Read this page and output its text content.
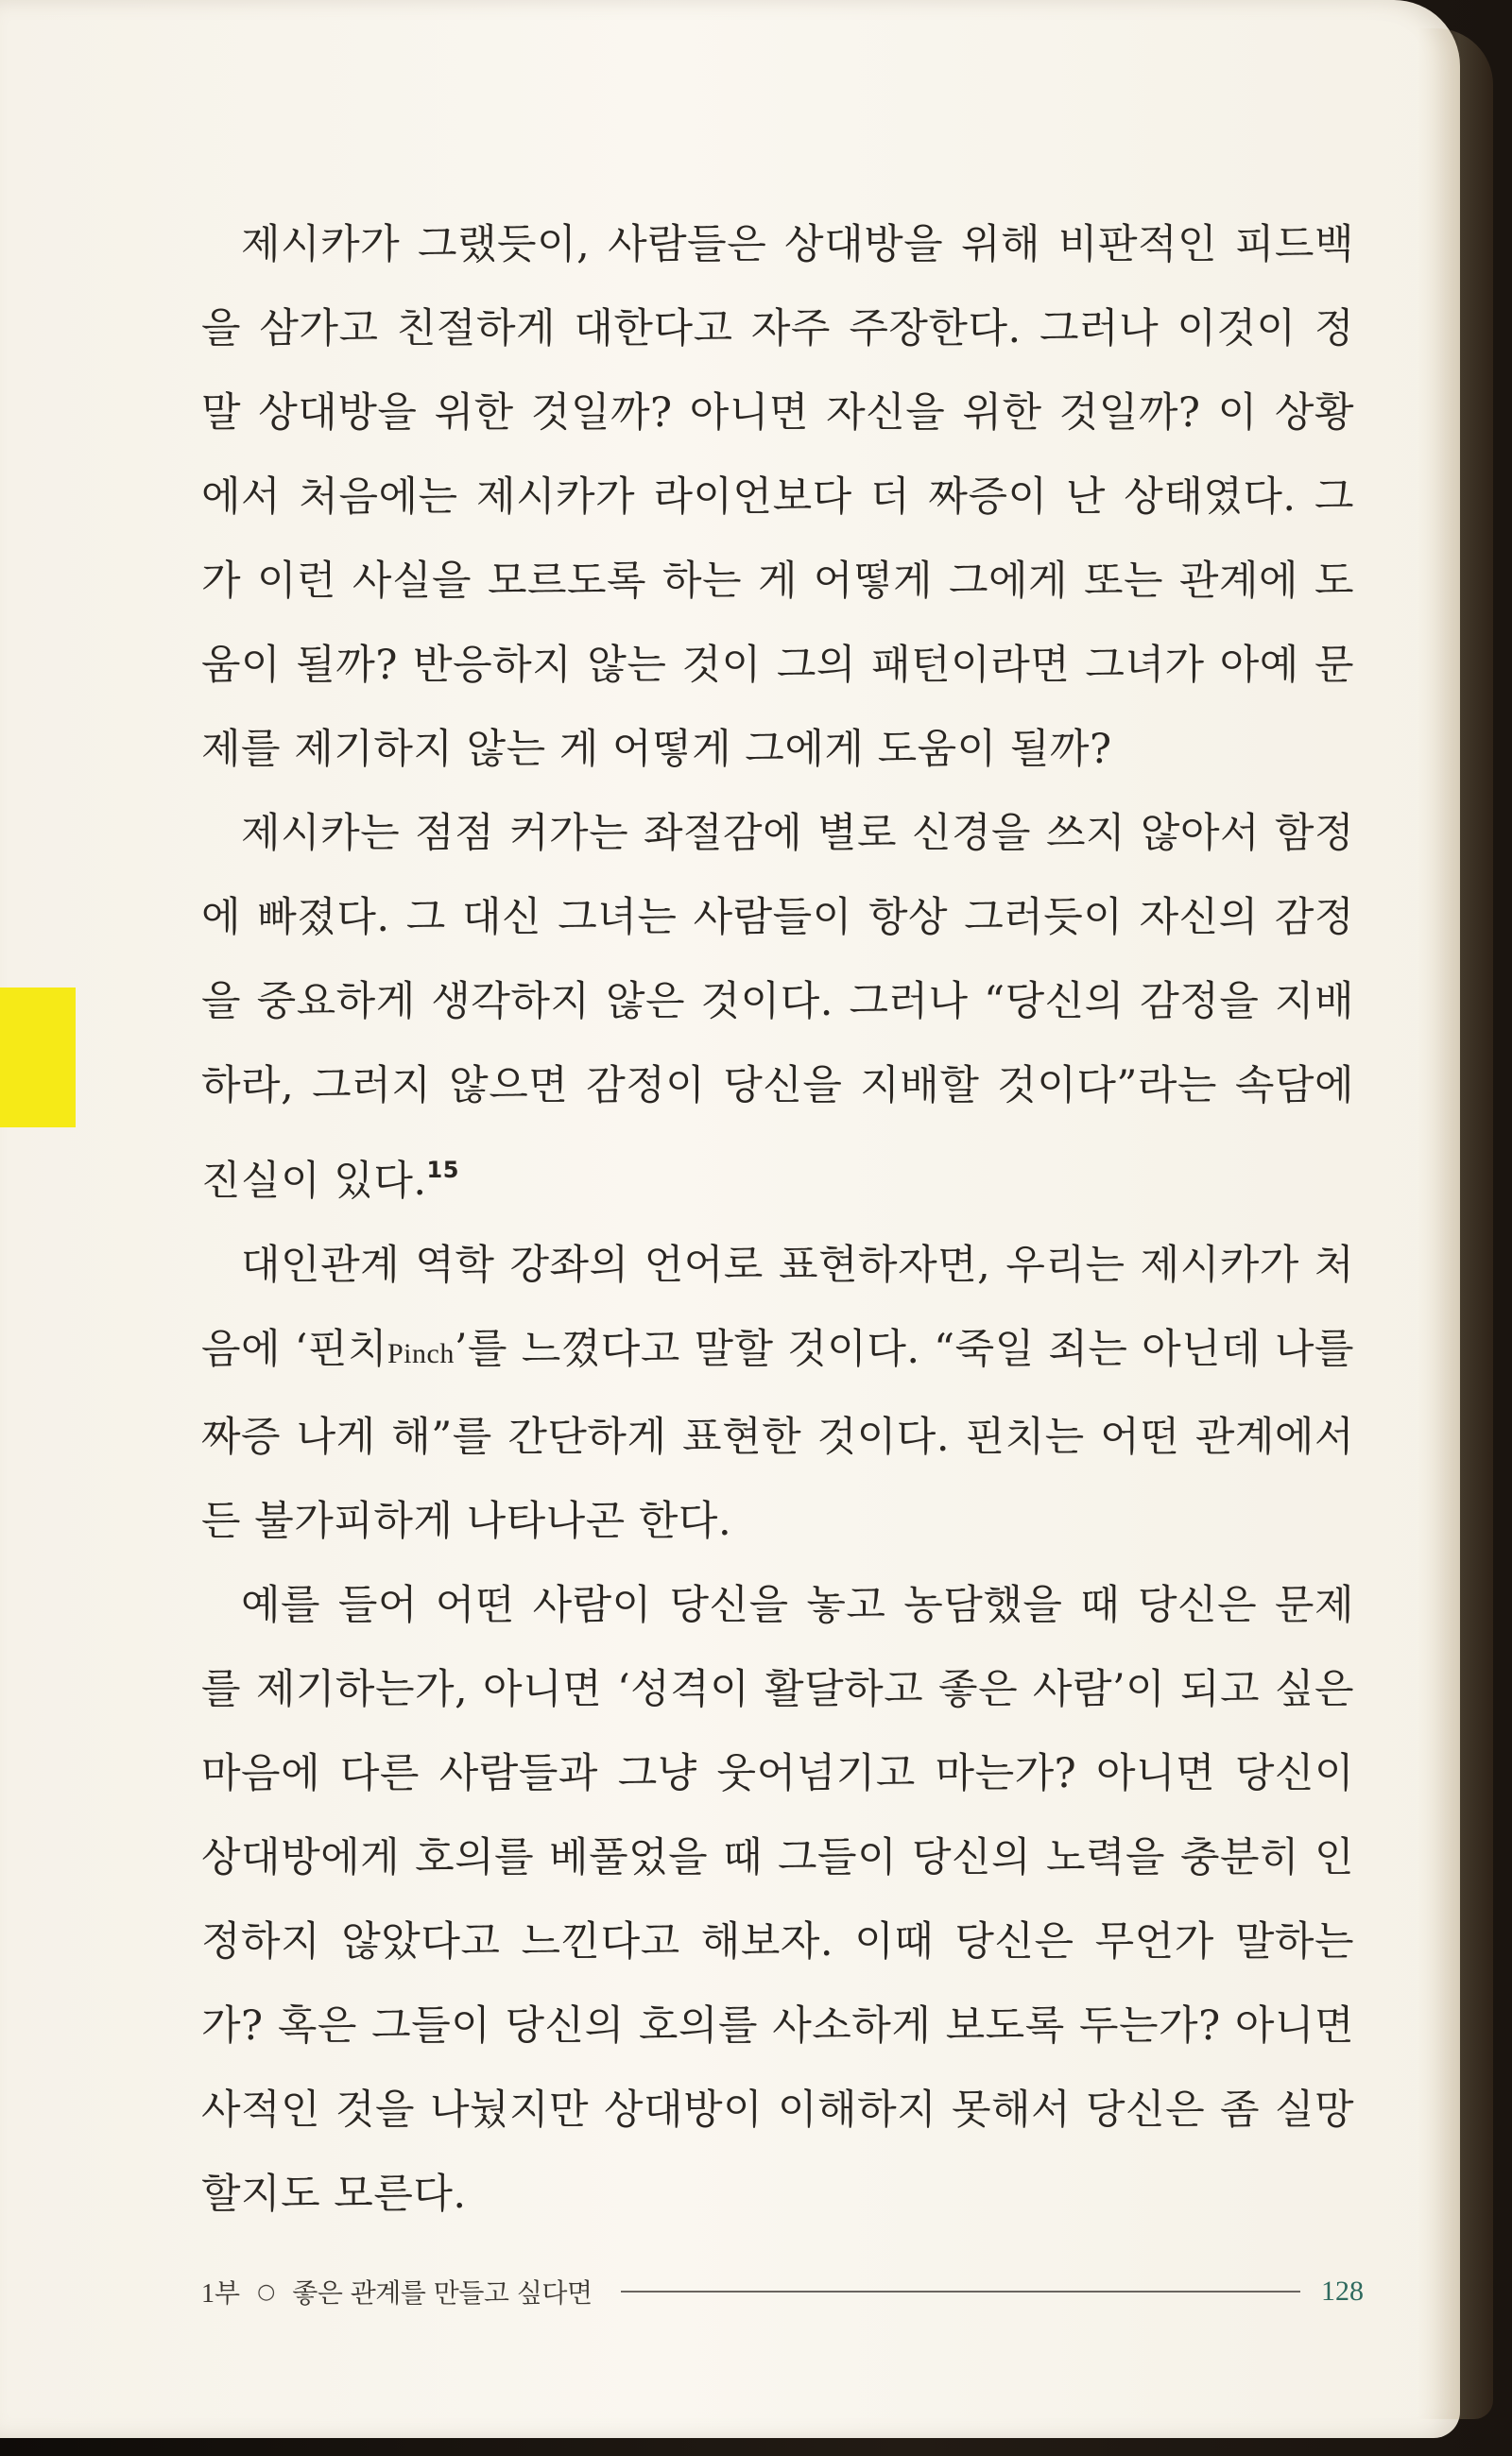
제시카가 그랬듯이, 사람들은 상대방을 위해 비판적인 피드백을 삼가고 친절하게 대한다고 자주 주장한다. 그러나 이것이 정말 상대방을 위한 것일까? 아니면 자신을 위한 것일까? 이 상황에서 처음에는 제시카가 라이언보다 더 짜증이 난 상태였다. 그가 이런 사실을 모르도록 하는 게 어떻게 그에게 또는 관계에 도움이 될까? 반응하지 않는 것이 그의 패턴이라면 그녀가 아예 문제를 제기하지 않는 게 어떻게 그에게 도움이 될까?

제시카는 점점 커가는 좌절감에 별로 신경을 쓰지 않아서 함정에 빠졌다. 그 대신 그녀는 사람들이 항상 그러듯이 자신의 감정을 중요하게 생각하지 않은 것이다. 그러나 “당신의 감정을 지배하라, 그러지 않으면 감정이 당신을 지배할 것이다”라는 속담에 진실이 있다.$^{15}$

대인관계 역학 강좌의 언어로 표현하자면, 우리는 제시카가 처음에 ‘핀치Pinch’를 느꼈다고 말할 것이다. “죽일 죄는 아닌데 나를 짜증 나게 해”를 간단하게 표현한 것이다. 핀치는 어떤 관계에서든 불가피하게 나타나곤 한다.

예를 들어 어떤 사람이 당신을 놓고 농담했을 때 당신은 문제를 제기하는가, 아니면 ‘성격이 활달하고 좋은 사람’이 되고 싶은 마음에 다른 사람들과 그냥 웃어넘기고 마는가? 아니면 당신이 상대방에게 호의를 베풀었을 때 그들이 당신의 노력을 충분히 인정하지 않았다고 느낀다고 해보자. 이때 당신은 무언가 말하는가? 혹은 그들이 당신의 호의를 사소하게 보도록 두는가? 아니면 사적인 것을 나눴지만 상대방이 이해하지 못해서 당신은 좀 실망할지도 모른다.

1부 ○ 좋은 관계를 만들고 싶다면	128
